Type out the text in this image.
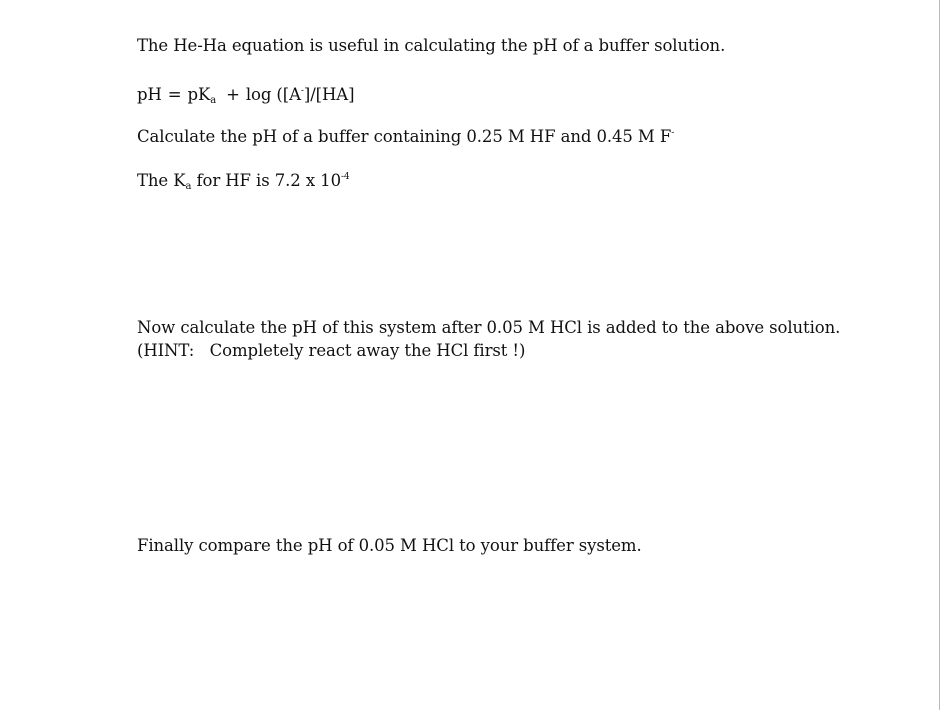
The He-Ha equation is useful in calculating the pH of a buffer solution.
pH = $pK_a + \log ([A^-]/[HA]$
Calculate the pH of a buffer containing 0.25 M HF and 0.45 M F-
The $K_a$ for HF is 7.2 x $10^{-4}$
Now calculate the pH of this system after 0.05 M HCl is added to the above solution.
(HINT:   Completely react away the HCl first !)
Finally compare the pH of 0.05 M HCl to your buffer system.
